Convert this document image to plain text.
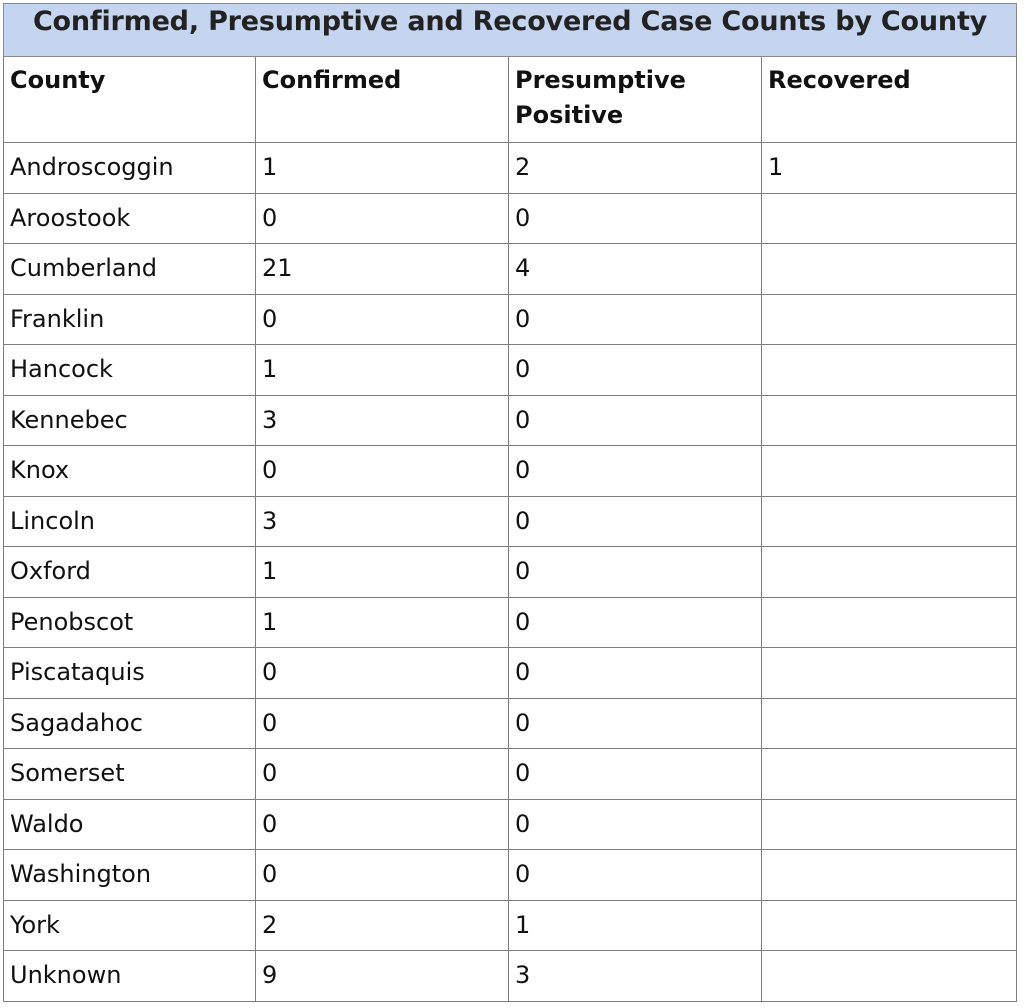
Confirmed, Presumptive and Recovered Case Counts by County			
County	Confirmed	Presumptive Positive	Recovered
Androscoggin	1	2	1
Aroostook	0	0	
Cumberland	21	4	
Franklin	0	0	
Hancock	1	0	
Kennebec	3	0	
Knox	0	0	
Lincoln	3	0	
Oxford	1	0	
Penobscot	1	0	
Piscataquis	0	0	
Sagadahoc	0	0	
Somerset	0	0	
Waldo	0	0	
Washington	0	0	
York	2	1	
Unknown	9	3	
